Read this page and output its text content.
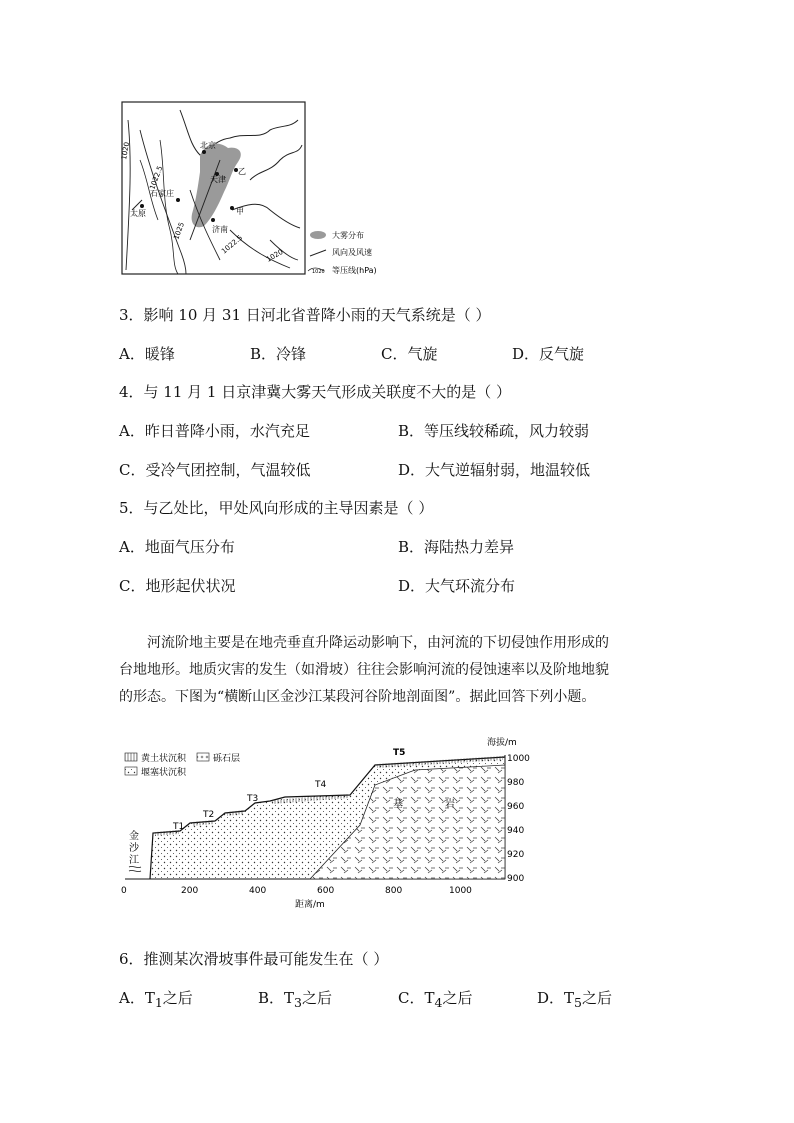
北京
天津
石家庄
太原
济南
甲
乙
1020
1022.5
1025
1022.5
1020
大雾分布
风向及风速
1020 等压线(hPa)
3．影响 10 月 31 日河北省普降小雨的天气系统是（ ）
A．暖锋	B．冷锋	C．气旋	D．反气旋
4．与 11 月 1 日京津冀大雾天气形成关联度不大的是（ ）
A．昨日普降小雨，水汽充足	B．等压线较稀疏，风力较弱
C．受冷气团控制，气温较低	D．大气逆辐射弱，地温较低
5．与乙处比，甲处风向形成的主导因素是（ ）
A．地面气压分布	B．海陆热力差异
C．地形起伏状况	D．大气环流分布
河流阶地主要是在地壳垂直升降运动影响下，由河流的下切侵蚀作用形成的
台地地形。地质灾害的发生（如滑坡）往往会影响河流的侵蚀速率以及阶地地貌
的形态。下图为“横断山区金沙江某段河谷阶地剖面图”。据此回答下列小题。
T1
T2
T3
T4
T5
金
沙
江
基	岩
黄土状沉积	砾石层
堰塞状沉积
0	200	400	600	800	1000
距离/m
1000
980
960
940
920
900
海拔/m
6．推测某次滑坡事件最可能发生在（ ）
A．$T_1$之后	B．$T_3$之后	C．$T_4$之后	D．$T_5$之后
